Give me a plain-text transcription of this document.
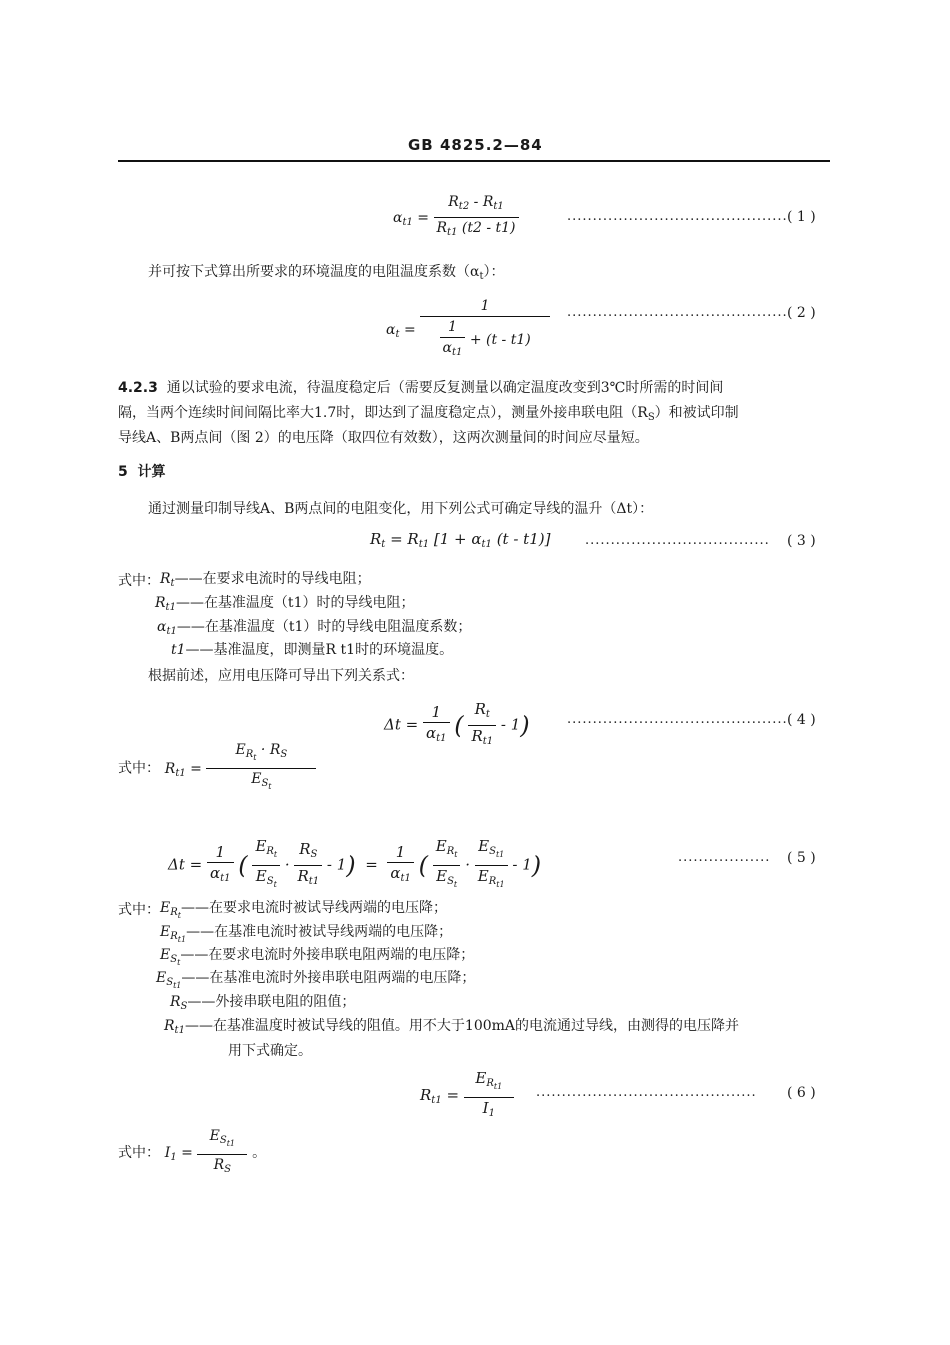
GB 4825.2—84
$\alpha_{t1} = \frac{R_{t2} - R_{t1}}{R_{t1} (t2 - t1)}$	........................................... ( 1 )
并可按下式算出所要求的环境温度的电阻温度系数$(\alpha_t)$：
$\alpha_t = \frac{1}{\frac{1}{\alpha_{t1}} + (t - t1)}$ ........................................... ( 2 )
4.2.3 通以试验的要求电流，待温度稳定后（需要反复测量以确定温度改变到3℃时所需的时间间
隔，当两个连续时间间隔比率大1.7时，即达到了温度稳定点），测量外接串联电阻$(R_S)$和被试印制
导线A、B两点间（图 2）的电压降（取四位有效数），这两次测量间的时间应尽量短。
5 计算
通过测量印制导线A、B两点间的电阻变化，用下列公式可确定导线的温升（Δt）：
$R_t = R_{t1}$ [$1 + \alpha_{t1}$ (t - t1)]	.................................... ( 3 )
式中： $R_t——$在要求电流时的导线电阻；
$R_{t1}——$在基准温度（t1）时的导线电阻；
$\alpha_{t1}——$在基准温度（t1）时的导线电阻温度系数；
t1——基准温度，即测量R t1时的环境温度。
根据前述，应用电压降可导出下列关系式：
$\Delta t = \frac{1}{\alpha_{t1}}$ ( $\frac{R_t}{R_{t1}} - 1$)	........................................... ( 4 )
式中： $R_{t1} = \frac{E_{R_t} \cdot R_S}{E_{S_t}}$
$\Delta t = \frac{1}{\alpha_{t1}}$ ( $\frac{E_{R_t}}{E_{S_t}} \cdot \frac{R_S}{R_{t1}} - 1) = \frac{1}{\alpha_{t1}}$ ( $\frac{E_{R_t}}{E_{S_t}} \cdot \frac{E_{S_{t1}}}{E_{R_{t1}}} - 1$)	.................. ( 5 )
式中： $E_{R_t}——$在要求电流时被试导线两端的电压降；
$E_{R_{t1}}——$在基准电流时被试导线两端的电压降；
$E_{S_t}——$在要求电流时外接串联电阻两端的电压降；
$E_{S_{t1}}——$在基准电流时外接串联电阻两端的电压降；
$R_S——$外接串联电阻的阻值；
$R_{t1}——$在基准温度时被试导线的阻值。用不大于100mA的电流通过导线，由测得的电压降并
用下式确定。
$R_{t1} = \frac{E_{R_{t1}}}{I_1}$ ........................................... ( 6 )
式中： $I_1 = \frac{E_{S_{t1}}}{R_S}$ 。
